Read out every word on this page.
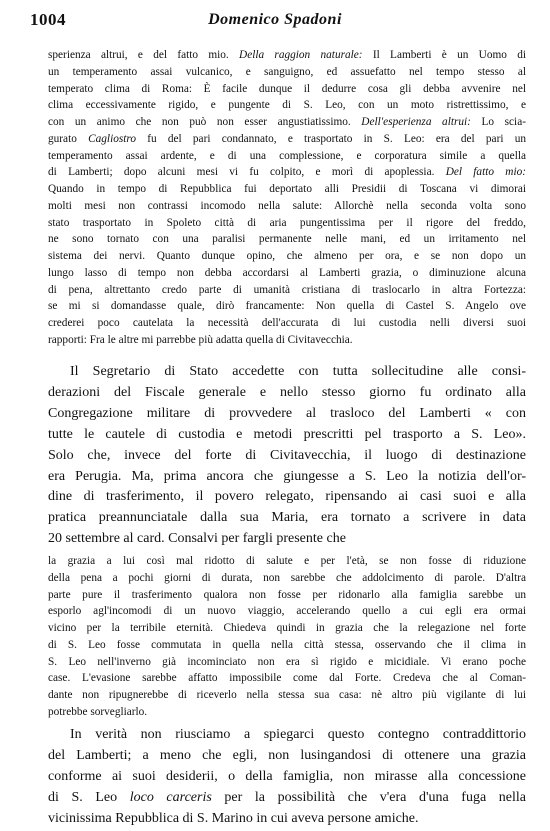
1004	Domenico Spadoni
sperienza altrui, e del fatto mio. Della raggion naturale: Il Lamberti è un Uomo di
un temperamento assai vulcanico, e sanguigno, ed assuefatto nel tempo stesso al
temperato clima di Roma: È facile dunque il dedurre cosa gli debba avvenire nel
clima eccessivamente rigido, e pungente di S. Leo, con un moto ristrettissimo, e
con un animo che non può non esser angustiatissimo. Dell'esperienza altrui: Lo scia-
gurato Cagliostro fu del pari condannato, e trasportato in S. Leo: era del pari un
temperamento assai ardente, e di una complessione, e corporatura simile a quella
di Lamberti; dopo alcuni mesi vi fu colpito, e morì di apoplessia. Del fatto mio:
Quando in tempo di Repubblica fui deportato alli Presidii di Toscana vi dimorai
molti mesi non contrassi incomodo nella salute: Allorchè nella seconda volta sono
stato trasportato in Spoleto città di aria pungentissima per il rigore del freddo,
ne sono tornato con una paralisi permanente nelle mani, ed un irritamento nel
sistema dei nervi. Quanto dunque opino, che almeno per ora, e se non dopo un
lungo lasso di tempo non debba accordarsi al Lamberti grazia, o diminuzione alcuna
di pena, altrettanto credo parte di umanità cristiana di traslocarlo in altra Fortezza:
se mi si domandasse quale, dirò francamente: Non quella di Castel S. Angelo ove
crederei poco cautelata la necessità dell'accurata di lui custodia nelli diversi suoi
rapporti: Fra le altre mi parrebbe più adatta quella di Civitavecchia.
Il Segretario di Stato accedette con tutta sollecitudine alle consi-
derazioni del Fiscale generale e nello stesso giorno fu ordinato alla
Congregazione militare di provvedere al trasloco del Lamberti « con
tutte le cautele di custodia e metodi prescritti pel trasporto a S. Leo».
Solo che, invece del forte di Civitavecchia, il luogo di destinazione
era Perugia. Ma, prima ancora che giungesse a S. Leo la notizia dell'or-
dine di trasferimento, il povero relegato, ripensando ai casi suoi e alla
pratica preannunciatale dalla sua Maria, era tornato a scrivere in data
20 settembre al card. Consalvi per fargli presente che
la grazia a lui così mal ridotto di salute e per l'età, se non fosse di riduzione
della pena a pochi giorni di durata, non sarebbe che addolcimento di parole. D'altra
parte pure il trasferimento qualora non fosse per ridonarlo alla famiglia sarebbe un
esporlo agl'incomodi di un nuovo viaggio, accelerando quello a cui egli era ormai
vicino per la terribile eternità. Chiedeva quindi in grazia che la relegazione nel forte
di S. Leo fosse commutata in quella nella città stessa, osservando che il clima in
S. Leo nell'inverno già incominciato non era sì rigido e micidiale. Vi erano poche
case. L'evasione sarebbe affatto impossibile come dal Forte. Credeva che al Coman-
dante non ripugnerebbe di riceverlo nella stessa sua casa: nè altro più vigilante di lui
potrebbe sorvegliarlo.
In verità non riusciamo a spiegarci questo contegno contraddittorio
del Lamberti; a meno che egli, non lusingandosi di ottenere una grazia
conforme ai suoi desiderii, o della famiglia, non mirasse alla concessione
di S. Leo loco carceris per la possibilità che v'era d'una fuga nella
vicinissima Repubblica di S. Marino in cui aveva persone amiche.
